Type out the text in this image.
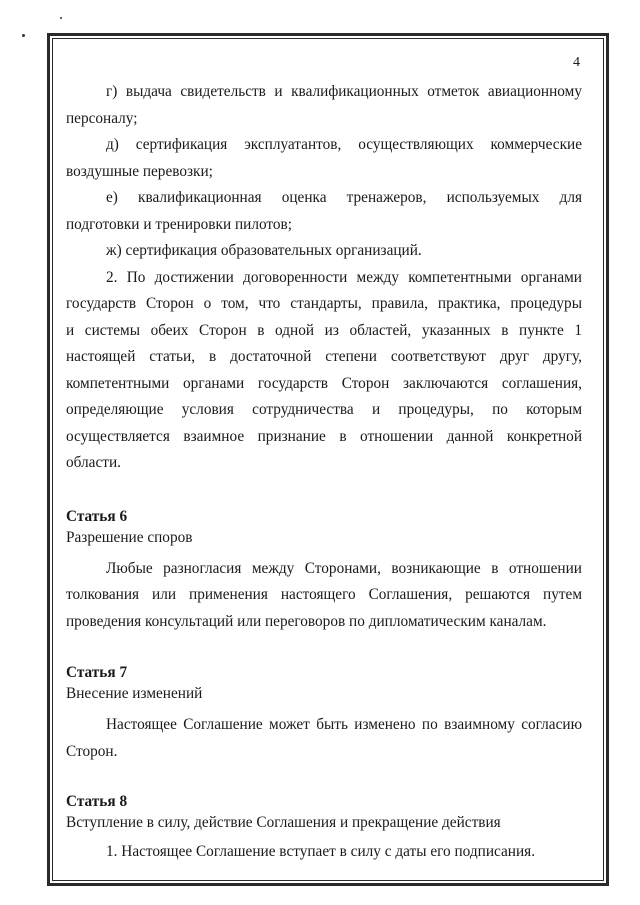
4

г) выдача свидетельств и квалификационных отметок авиационному

персоналу;

д) сертификация эксплуатантов, осуществляющих коммерческие

воздушные перевозки;

е) квалификационная оценка тренажеров, используемых для

подготовки и тренировки пилотов;

ж) сертификация образовательных организаций.

2. По достижении договоренности между компетентными органами

государств Сторон о том, что стандарты, правила, практика, процедуры

и системы обеих Сторон в одной из областей, указанных в пункте 1

настоящей статьи, в достаточной степени соответствуют друг другу,

компетентными органами государств Сторон заключаются соглашения,

определяющие условия сотрудничества и процедуры, по которым

осуществляется взаимное признание в отношении данной конкретной

области.

Статья 6

Разрешение споров

Любые разногласия между Сторонами, возникающие в отношении

толкования или применения настоящего Соглашения, решаются путем

проведения консультаций или переговоров по дипломатическим каналам.

Статья 7

Внесение изменений

Настоящее Соглашение может быть изменено по взаимному согласию

Сторон.

Статья 8

Вступление в силу, действие Соглашения и прекращение действия

1. Настоящее Соглашение вступает в силу с даты его подписания.
